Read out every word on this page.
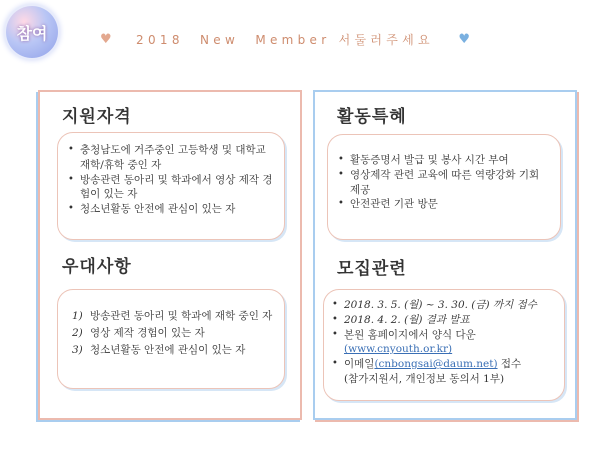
참여	♥ 2018  New  Member 서둘러주세요 ♥
지원자격
• 충청남도에 거주중인 고등학생 및 대학교 재학/휴학 중인 자
• 방송관련 동아리 및 학과에서 영상 제작 경험이 있는 자
• 청소년활동 안전에 관심이 있는 자
우대사항
1) 방송관련 동아리 및 학과에 재학 중인 자
2) 영상 제작 경험이 있는 자
3) 청소년활동 안전에 관심이 있는 자
활동특혜
• 활동증명서 발급 및 봉사 시간 부여
• 영상제작 관련 교육에 따른 역량강화 기회 제공
• 안전관련 기관 방문
모집관련
• 2018. 3. 5. (월) ~ 3. 30. (금) 까지 접수
• 2018. 4. 2. (월) 결과 발표
• 본원 홈페이지에서 양식 다운
(www.cnyouth.or.kr)
• 이메일(cnbongsai@daum.net) 접수
(참가지원서, 개인정보 동의서 1부)
